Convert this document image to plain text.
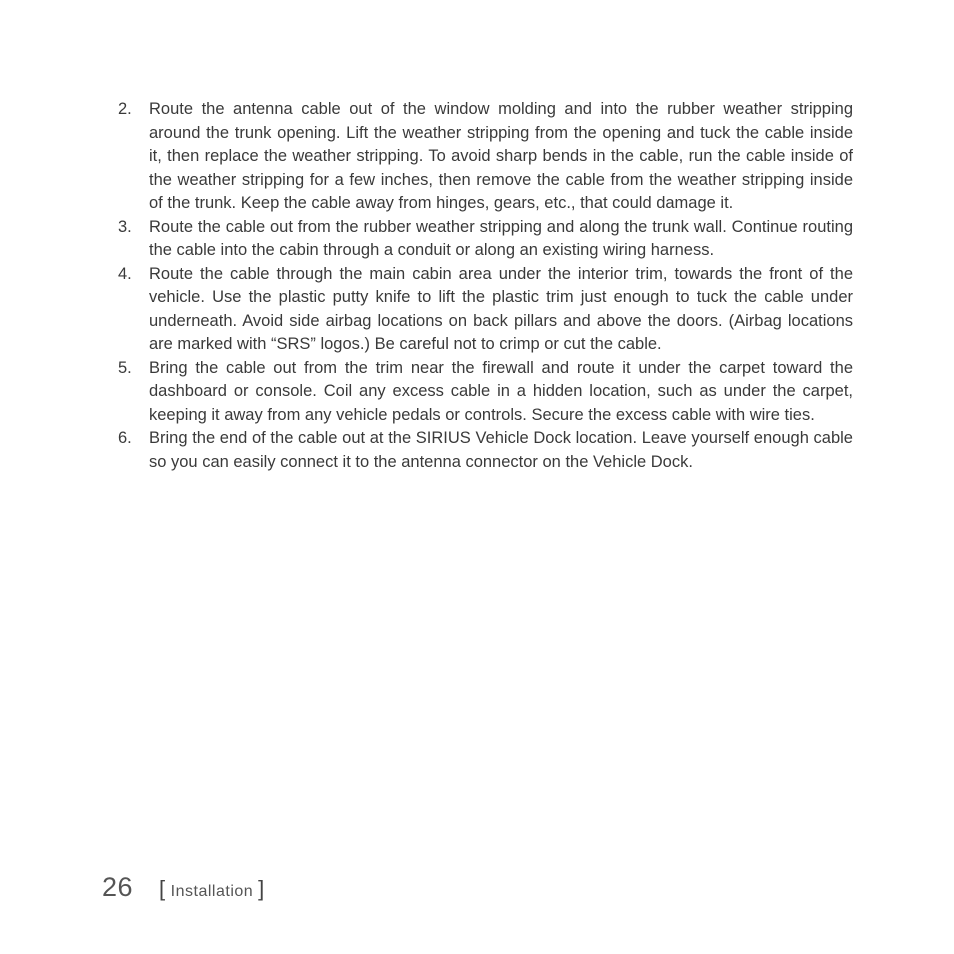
2.	Route the antenna cable out of the window molding and into the rubber weather stripping around the trunk opening. Lift the weather stripping from the opening and tuck the cable inside it, then replace the weather stripping. To avoid sharp bends in the cable, run the cable inside of the weather stripping for a few inches, then remove the cable from the weather stripping inside of the trunk. Keep the cable away from hinges, gears, etc., that could damage it.
3.	Route the cable out from the rubber weather stripping and along the trunk wall. Continue routing the cable into the cabin through a conduit or along an existing wiring harness.
4.	Route the cable through the main cabin area under the interior trim, towards the front of the vehicle. Use the plastic putty knife to lift the plastic trim just enough to tuck the cable under underneath. Avoid side airbag locations on back pillars and above the doors. (Airbag locations are marked with “SRS” logos.) Be careful not to crimp or cut the cable.
5.	Bring the cable out from the trim near the firewall and route it under the carpet toward the dashboard or console. Coil any excess cable in a hidden location, such as under the carpet, keeping it away from any vehicle pedals or controls. Secure the excess cable with wire ties.
6.	Bring the end of the cable out at the SIRIUS Vehicle Dock location. Leave yourself enough cable so you can easily connect it to the antenna connector on the Vehicle Dock.
26 [ Installation ]
